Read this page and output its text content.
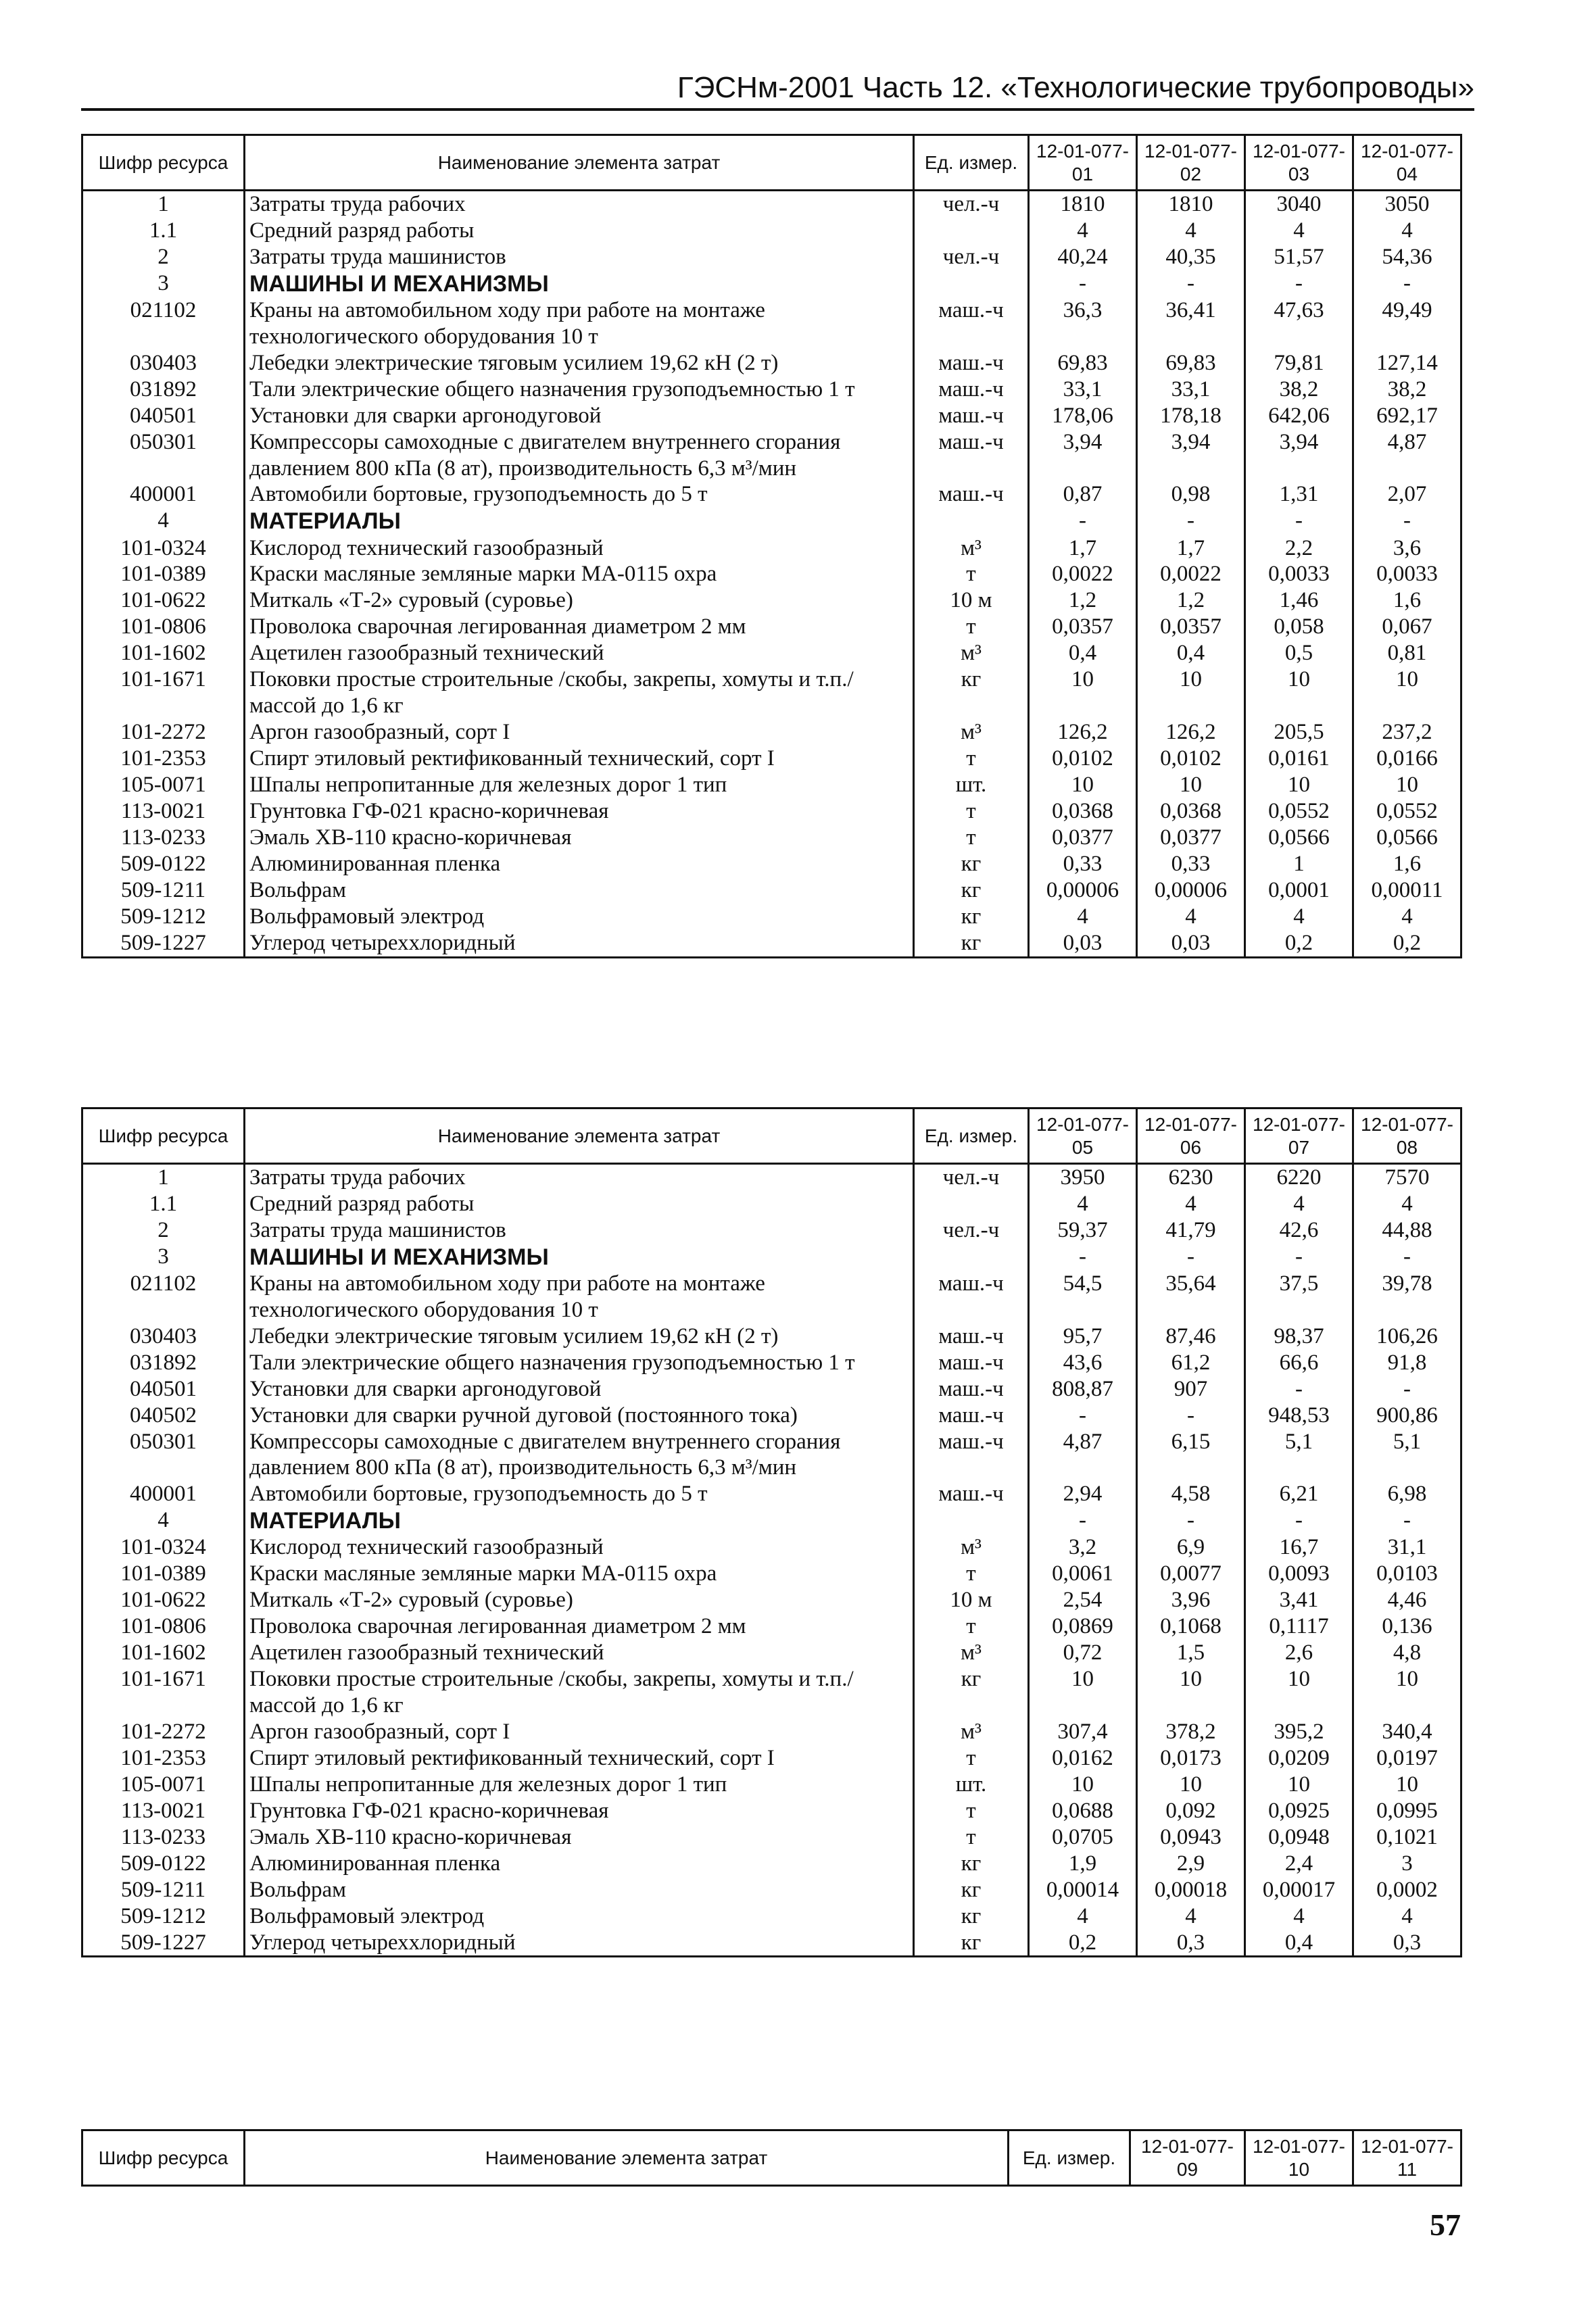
ГЭСНм-2001 Часть 12. «Технологические трубопроводы»
Шифр ресурса	Наименование элемента затрат	Ед. измер.	12-01-077-01	12-01-077-02	12-01-077-03	12-01-077-04
1	Затраты труда рабочих	чел.-ч	1810	1810	3040	3050
1.1	Средний разряд работы		4	4	4	4
2	Затраты труда машинистов	чел.-ч	40,24	40,35	51,57	54,36
3	МАШИНЫ И МЕХАНИЗМЫ		-	-	-	-
021102	Краны на автомобильном ходу при работе на монтаже технологического оборудования 10 т	маш.-ч	36,3	36,41	47,63	49,49
030403	Лебедки электрические тяговым усилием 19,62 кН (2 т)	маш.-ч	69,83	69,83	79,81	127,14
031892	Тали электрические общего назначения грузоподъемностью 1 т	маш.-ч	33,1	33,1	38,2	38,2
040501	Установки для сварки аргонодуговой	маш.-ч	178,06	178,18	642,06	692,17
050301	Компрессоры самоходные с двигателем внутреннего сгорания давлением 800 кПа (8 ат), производительность 6,3 м³/мин	маш.-ч	3,94	3,94	3,94	4,87
400001	Автомобили бортовые, грузоподъемность до 5 т	маш.-ч	0,87	0,98	1,31	2,07
4	МАТЕРИАЛЫ		-	-	-	-
101-0324	Кислород технический газообразный	м³	1,7	1,7	2,2	3,6
101-0389	Краски масляные земляные марки МА-0115 охра	т	0,0022	0,0022	0,0033	0,0033
101-0622	Миткаль «Т-2» суровый (суровье)	10 м	1,2	1,2	1,46	1,6
101-0806	Проволока сварочная легированная диаметром 2 мм	т	0,0357	0,0357	0,058	0,067
101-1602	Ацетилен газообразный технический	м³	0,4	0,4	0,5	0,81
101-1671	Поковки простые строительные /скобы, закрепы, хомуты и т.п./ массой до 1,6 кг	кг	10	10	10	10
101-2272	Аргон газообразный, сорт I	м³	126,2	126,2	205,5	237,2
101-2353	Спирт этиловый ректификованный технический, сорт I	т	0,0102	0,0102	0,0161	0,0166
105-0071	Шпалы непропитанные для железных дорог 1 тип	шт.	10	10	10	10
113-0021	Грунтовка ГФ-021 красно-коричневая	т	0,0368	0,0368	0,0552	0,0552
113-0233	Эмаль ХВ-110 красно-коричневая	т	0,0377	0,0377	0,0566	0,0566
509-0122	Алюминированная пленка	кг	0,33	0,33	1	1,6
509-1211	Вольфрам	кг	0,00006	0,00006	0,0001	0,00011
509-1212	Вольфрамовый электрод	кг	4	4	4	4
509-1227	Углерод четыреххлоридный	кг	0,03	0,03	0,2	0,2
Шифр ресурса	Наименование элемента затрат	Ед. измер.	12-01-077-05	12-01-077-06	12-01-077-07	12-01-077-08
1	Затраты труда рабочих	чел.-ч	3950	6230	6220	7570
1.1	Средний разряд работы		4	4	4	4
2	Затраты труда машинистов	чел.-ч	59,37	41,79	42,6	44,88
3	МАШИНЫ И МЕХАНИЗМЫ		-	-	-	-
021102	Краны на автомобильном ходу при работе на монтаже технологического оборудования 10 т	маш.-ч	54,5	35,64	37,5	39,78
030403	Лебедки электрические тяговым усилием 19,62 кН (2 т)	маш.-ч	95,7	87,46	98,37	106,26
031892	Тали электрические общего назначения грузоподъемностью 1 т	маш.-ч	43,6	61,2	66,6	91,8
040501	Установки для сварки аргонодуговой	маш.-ч	808,87	907	-	-
040502	Установки для сварки ручной дуговой (постоянного тока)	маш.-ч	-	-	948,53	900,86
050301	Компрессоры самоходные с двигателем внутреннего сгорания давлением 800 кПа (8 ат), производительность 6,3 м³/мин	маш.-ч	4,87	6,15	5,1	5,1
400001	Автомобили бортовые, грузоподъемность до 5 т	маш.-ч	2,94	4,58	6,21	6,98
4	МАТЕРИАЛЫ		-	-	-	-
101-0324	Кислород технический газообразный	м³	3,2	6,9	16,7	31,1
101-0389	Краски масляные земляные марки МА-0115 охра	т	0,0061	0,0077	0,0093	0,0103
101-0622	Миткаль «Т-2» суровый (суровье)	10 м	2,54	3,96	3,41	4,46
101-0806	Проволока сварочная легированная диаметром 2 мм	т	0,0869	0,1068	0,1117	0,136
101-1602	Ацетилен газообразный технический	м³	0,72	1,5	2,6	4,8
101-1671	Поковки простые строительные /скобы, закрепы, хомуты и т.п./ массой до 1,6 кг	кг	10	10	10	10
101-2272	Аргон газообразный, сорт I	м³	307,4	378,2	395,2	340,4
101-2353	Спирт этиловый ректификованный технический, сорт I	т	0,0162	0,0173	0,0209	0,0197
105-0071	Шпалы непропитанные для железных дорог 1 тип	шт.	10	10	10	10
113-0021	Грунтовка ГФ-021 красно-коричневая	т	0,0688	0,092	0,0925	0,0995
113-0233	Эмаль ХВ-110 красно-коричневая	т	0,0705	0,0943	0,0948	0,1021
509-0122	Алюминированная пленка	кг	1,9	2,9	2,4	3
509-1211	Вольфрам	кг	0,00014	0,00018	0,00017	0,0002
509-1212	Вольфрамовый электрод	кг	4	4	4	4
509-1227	Углерод четыреххлоридный	кг	0,2	0,3	0,4	0,3
Шифр ресурса	Наименование элемента затрат	Ед. измер.	12-01-077-09	12-01-077-10	12-01-077-11
57
